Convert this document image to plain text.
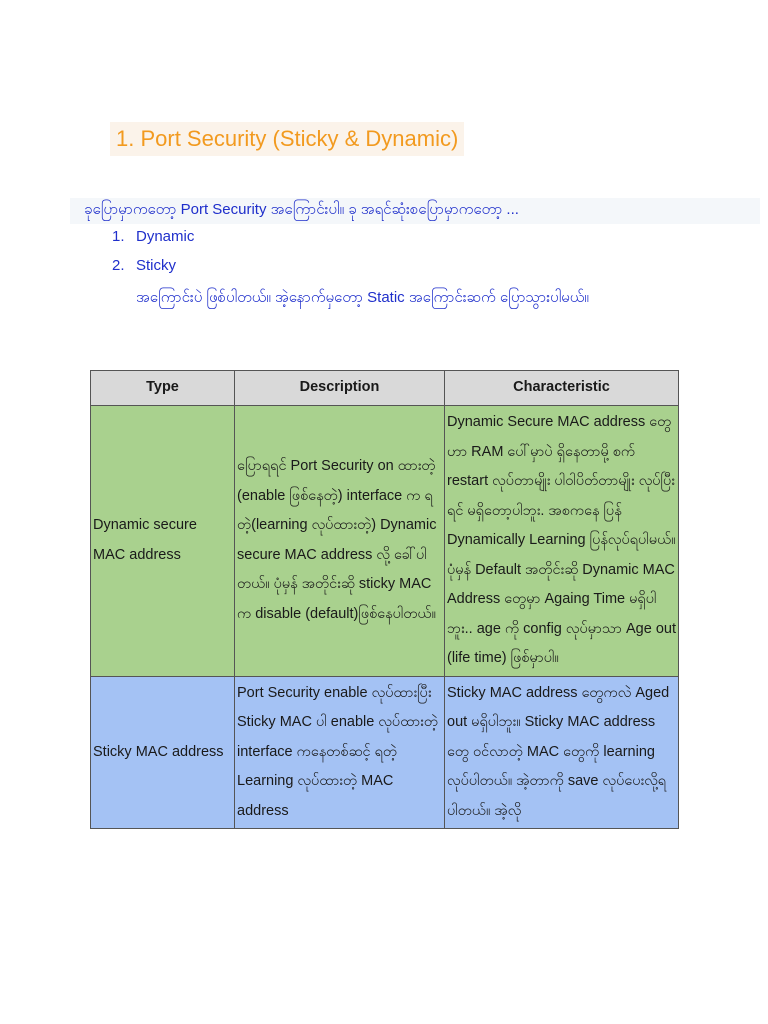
1. Port Security (Sticky & Dynamic)
ခုပြောမှာကတော့ Port Security အကြောင်းပါ။ ခု အရင်ဆုံးစပြောမှာကတော့ ...
1. Dynamic
2. Sticky
အကြောင်းပဲ ဖြစ်ပါတယ်။ အဲ့နောက်မှတော့ Static အကြောင်းဆက် ပြောသွားပါမယ်။
Type	Description	Characteristic
Dynamic secure MAC address	ပြောရရင် Port Security on ထားတဲ့ (enable ဖြစ်နေတဲ့) interface က ရတဲ့(learning လုပ်ထားတဲ့) Dynamic secure MAC address လို့ ခေါ်ပါတယ်။ ပုံမှန် အတိုင်းဆို sticky MAC က disable (default)ဖြစ်နေပါတယ်။	Dynamic Secure MAC address တွေဟာ RAM ပေါ်မှာပဲ ရှိနေတာမို့ စက် restart လုပ်တာမျိုး ပါဝါပိတ်တာမျိုး လုပ်ပြီးရင် မရှိတော့ပါဘူး. အစကနေ ပြန် Dynamically Learning ပြန်လုပ်ရပါမယ်။ ပုံမှန် Default အတိုင်းဆို Dynamic MAC Address တွေမှာ Againg Time မရှိပါဘူး.. age ကို config လုပ်မှာသာ Age out (life time) ဖြစ်မှာပါ။
Sticky MAC address	Port Security enable လုပ်ထားပြီး Sticky MAC ပါ enable လုပ်ထားတဲ့ interface ကနေတစ်ဆင့် ရတဲ့ Learning လုပ်ထားတဲ့ MAC address	Sticky MAC address တွေကလဲ Aged out မရှိပါဘူး။ Sticky MAC address တွေ ဝင်လာတဲ့ MAC တွေကို learning လုပ်ပါတယ်။ အဲ့တာကို save လုပ်ပေးလို့ရပါတယ်။ အဲ့လို
